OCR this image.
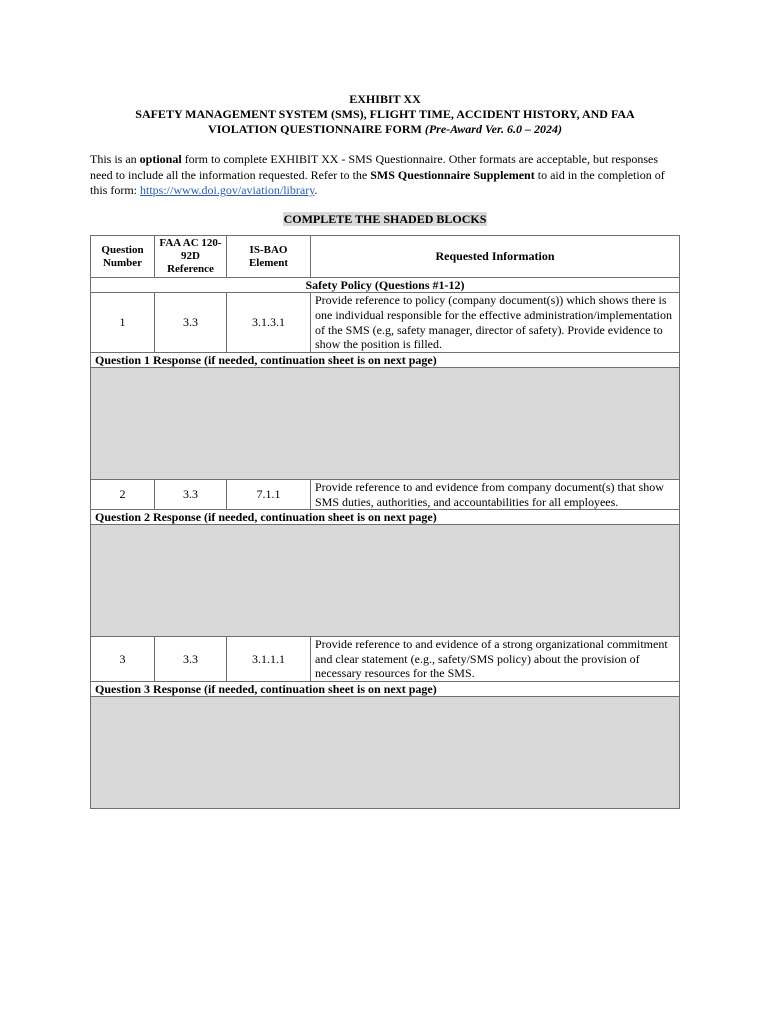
EXHIBIT XX
SAFETY MANAGEMENT SYSTEM (SMS), FLIGHT TIME, ACCIDENT HISTORY, AND FAA
VIOLATION QUESTIONNAIRE FORM (Pre-Award Ver. 6.0 – 2024)
This is an optional form to complete EXHIBIT XX - SMS Questionnaire. Other formats are acceptable, but responses need to include all the information requested. Refer to the SMS Questionnaire Supplement to aid in the completion of this form: https://www.doi.gov/aviation/library.
COMPLETE THE SHADED BLOCKS
Question Number	FAA AC 120-92D Reference	IS-BAO Element	Requested Information
Safety Policy (Questions #1-12)			
1	3.3	3.1.3.1	Provide reference to policy (company document(s)) which shows there is one individual responsible for the effective administration/implementation of the SMS (e.g, safety manager, director of safety). Provide evidence to show the position is filled.
Question 1 Response (if needed, continuation sheet is on next page)			

2	3.3	7.1.1	Provide reference to and evidence from company document(s) that show SMS duties, authorities, and accountabilities for all employees.
Question 2 Response (if needed, continuation sheet is on next page)			

3	3.3	3.1.1.1	Provide reference to and evidence of a strong organizational commitment and clear statement (e.g., safety/SMS policy) about the provision of necessary resources for the SMS.
Question 3 Response (if needed, continuation sheet is on next page)			
